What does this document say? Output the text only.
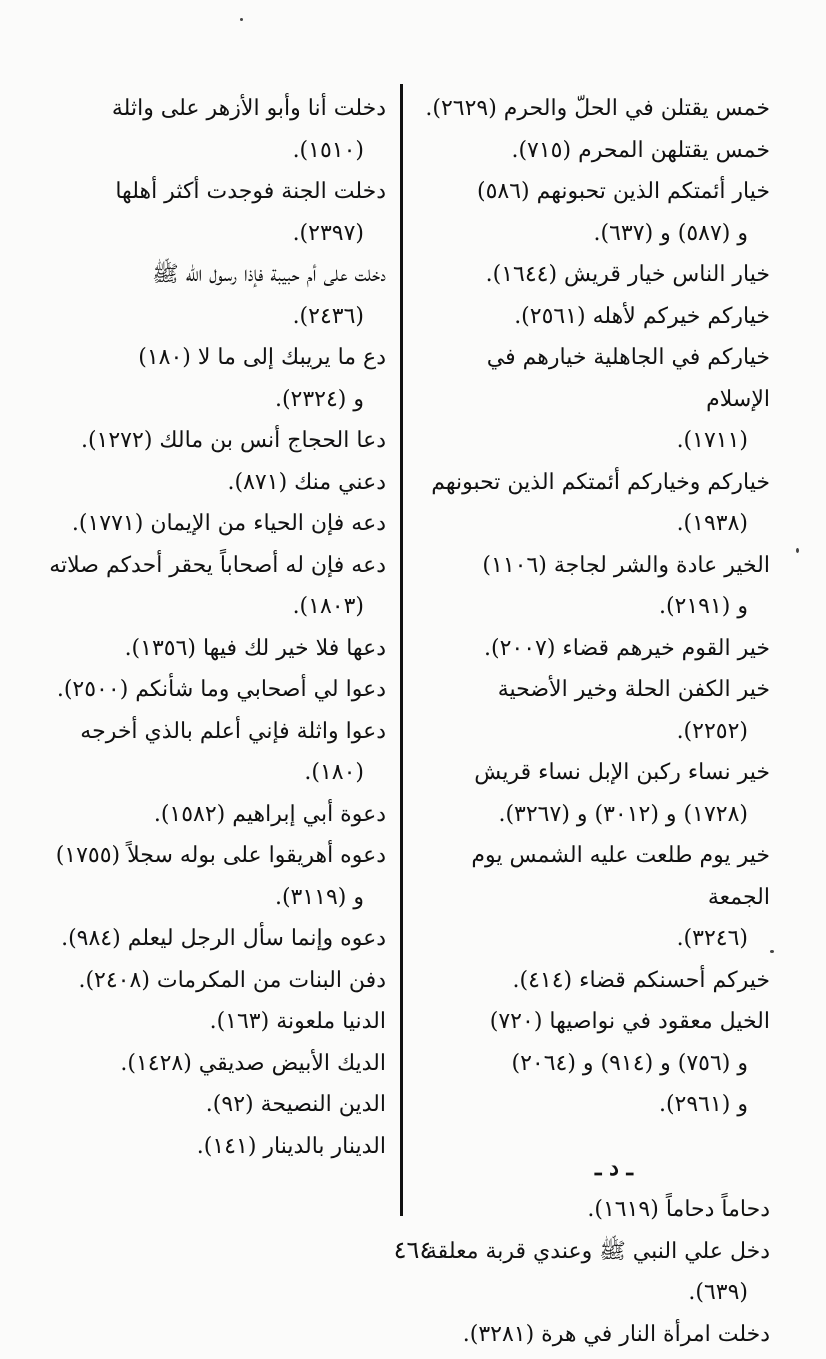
خمس يقتلن في الحلّ والحرم (٢٦٢٩).
خمس يقتلهن المحرم (٧١٥).
خيار أئمتكم الذين تحبونهم (٥٨٦)
و (٥٨٧) و (٦٣٧).
خيار الناس خيار قريش (١٦٤٤).
خياركم خيركم لأهله (٢٥٦١).
خياركم في الجاهلية خيارهم في الإسلام
(١٧١١).
خياركم وخياركم أئمتكم الذين تحبونهم
(١٩٣٨).
الخير عادة والشر لجاجة (١١٠٦)
و (٢١٩١).
خير القوم خيرهم قضاء (٢٠٠٧).
خير الكفن الحلة وخير الأضحية
(٢٢٥٢).
خير نساء ركبن الإبل نساء قريش
(١٧٢٨) و (٣٠١٢) و (٣٢٦٧).
خير يوم طلعت عليه الشمس يوم الجمعة
(٣٢٤٦).
خيركم أحسنكم قضاء (٤١٤).
الخيل معقود في نواصيها (٧٢٠)
و (٧٥٦) و (٩١٤) و (٢٠٦٤)
و (٢٩٦١).
ـ د ـ
دحاماً دحاماً (١٦١٩).
دخل علي النبي ﷺ وعندي قربة معلقة
(٦٣٩).
دخلت امرأة النار في هرة (٣٢٨١).
دخلت أنا وأبو الأزهر على واثلة
(١٥١٠).
دخلت الجنة فوجدت أكثر أهلها
(٢٣٩٧).
دخلت على أم حبيبة فإذا رسول الله ﷺ
(٢٤٣٦).
دع ما يريبك إلى ما لا (١٨٠)
و (٢٣٢٤).
دعا الحجاج أنس بن مالك (١٢٧٢).
دعني منك (٨٧١).
دعه فإن الحياء من الإيمان (١٧٧١).
دعه فإن له أصحاباً يحقر أحدكم صلاته
(١٨٠٣).
دعها فلا خير لك فيها (١٣٥٦).
دعوا لي أصحابي وما شأنكم (٢٥٠٠).
دعوا واثلة فإني أعلم بالذي أخرجه
(١٨٠).
دعوة أبي إبراهيم (١٥٨٢).
دعوه أهريقوا على بوله سجلاً (١٧٥٥)
و (٣١١٩).
دعوه وإنما سأل الرجل ليعلم (٩٨٤).
دفن البنات من المكرمات (٢٤٠٨).
الدنيا ملعونة (١٦٣).
الديك الأبيض صديقي (١٤٢٨).
الدين النصيحة (٩٢).
الدينار بالدينار (١٤١).
٤٦٤
